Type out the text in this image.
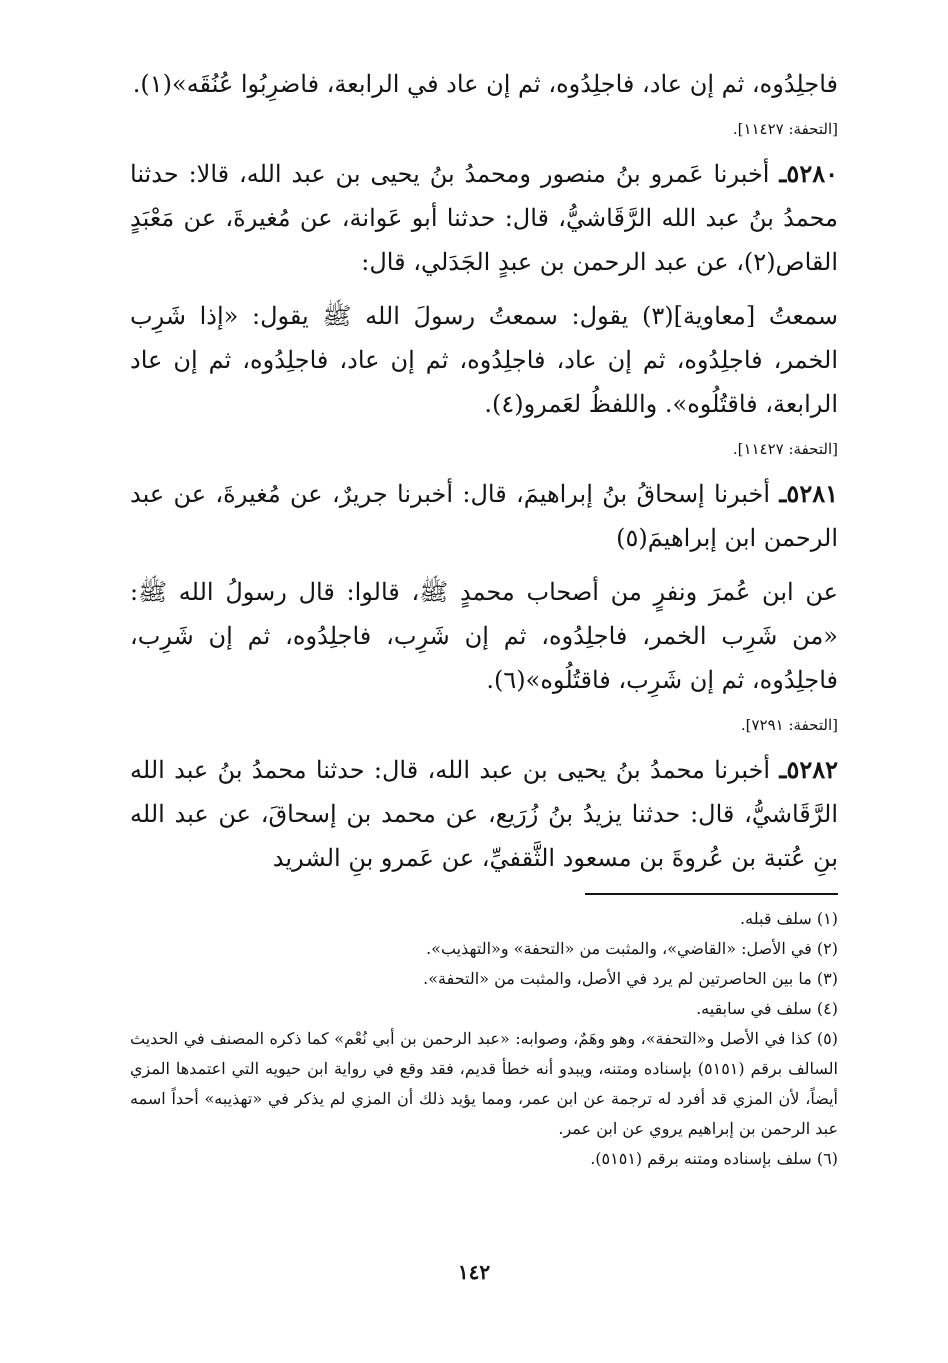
فاجلِدُوه، ثم إن عاد، فاجلِدُوه، ثم إن عاد في الرابعة، فاضرِبُوا عُنُقَه»(١).

[التحفة: ١١٤٢٧].

٥٢٨٠ـ أخبرنا عَمرو بنُ منصور ومحمدُ بنُ يحيى بن عبد الله، قالا: حدثنا محمدُ بنُ عبد الله الرَّقَاشيُّ، قال: حدثنا أبو عَوانة، عن مُغيرةَ، عن مَعْبَدٍ القاص(٢)، عن عبد الرحمن بن عبدٍ الجَدَلي، قال:

سمعتُ [معاوية](٣) يقول: سمعتُ رسولَ الله ﷺ يقول: «إذا شَرِب الخمر، فاجلِدُوه، ثم إن عاد، فاجلِدُوه، ثم إن عاد، فاجلِدُوه، ثم إن عاد الرابعة، فاقتُلُوه». واللفظُ لعَمرو(٤).

[التحفة: ١١٤٢٧].

٥٢٨١ـ أخبرنا إسحاقُ بنُ إبراهيمَ، قال: أخبرنا جريرٌ، عن مُغيرةَ، عن عبد الرحمن ابن إبراهيمَ(٥)

عن ابن عُمرَ ونفرٍ من أصحاب محمدٍ ﷺ، قالوا: قال رسولُ الله ﷺ: «من شَرِب الخمر، فاجلِدُوه، ثم إن شَرِب، فاجلِدُوه، ثم إن شَرِب، فاجلِدُوه، ثم إن شَرِب، فاقتُلُوه»(٦).

[التحفة: ٧٢٩١].

٥٢٨٢ـ أخبرنا محمدُ بنُ يحيى بن عبد الله، قال: حدثنا محمدُ بنُ عبد الله الرَّقَاشيُّ، قال: حدثنا يزيدُ بنُ زُرَيع، عن محمد بن إسحاقَ، عن عبد الله بنِ عُتبة بن عُروةَ بن مسعود الثَّقفيِّ، عن عَمرو بنِ الشريد

(١) سلف قبله.

(٢) في الأصل: «القاضي»، والمثبت من «التحفة» و«التهذيب».

(٣) ما بين الحاصرتين لم يرد في الأصل، والمثبت من «التحفة».

(٤) سلف في سابقيه.

(٥) كذا في الأصل و«التحفة»، وهو وهَمٌ، وصوابه: «عبد الرحمن بن أبي نُعْم» كما ذكره المصنف في الحديث السالف برقم (٥١٥١) بإسناده ومتنه، ويبدو أنه خطأ قديم، فقد وقع في رواية ابن حيويه التي اعتمدها المزي أيضاً، لأن المزي قد أفرد له ترجمة عن ابن عمر، ومما يؤيد ذلك أن المزي لم يذكر في «تهذيبه» أحداً اسمه عبد الرحمن بن إبراهيم يروي عن ابن عمر.

(٦) سلف بإسناده ومتنه برقم (٥١٥١).

١٤٢
